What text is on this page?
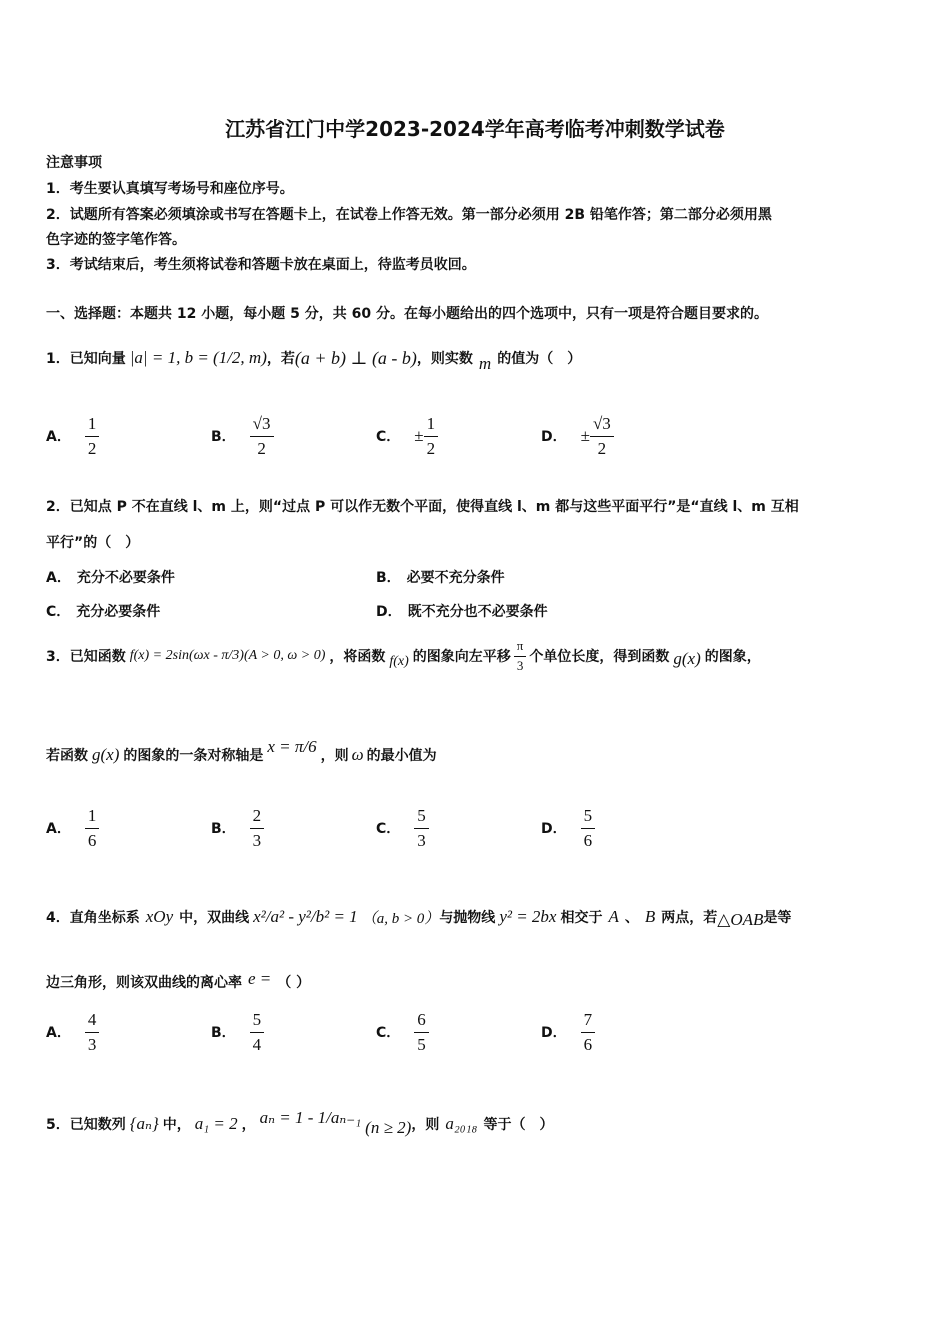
江苏省江门中学2023-2024学年高考临考冲刺数学试卷
注意事项
1．考生要认真填写考场号和座位序号。
2．试题所有答案必须填涂或书写在答题卡上，在试卷上作答无效。第一部分必须用 2B 铅笔作答；第二部分必须用黑
色字迹的签字笔作答。
3．考试结束后，考生须将试卷和答题卡放在桌面上，待监考员收回。
一、选择题：本题共 12 小题，每小题 5 分，共 60 分。在每小题给出的四个选项中，只有一项是符合题目要求的。
1．已知向量 |a| = 1, b = (1/2, m) ，若 (a + b) ⊥ (a - b) ，则实数 m 的值为（　）
A． $\frac{1}{2}$	B． $\frac{√3}{2}$	C． ± $\frac{1}{2}$	D． ± $\frac{√3}{2}$
2．已知点 P 不在直线 l、m 上，则“过点 P 可以作无数个平面，使得直线 l、m 都与这些平面平行”是“直线 l、m 互相
平行”的（　）
A． 充分不必要条件	B． 必要不充分条件
C． 充分必要条件	D． 既不充分也不必要条件
3．已知函数 f(x) = 2sin(ωx - π/3)(A > 0, ω > 0) ，将函数 f(x) 的图象向左平移 $\frac{\pi}{3}$ 个单位长度，得到函数 g(x) 的图象，
若函数 g(x) 的图象的一条对称轴是 x = π/6 ，则 ω 的最小值为
A． $\frac{1}{6}$	B． $\frac{2}{3}$	C． $\frac{5}{3}$	D． $\frac{5}{6}$
4．直角坐标系 xOy 中，双曲线 x²/a² - y²/b² = 1 （a, b > 0） 与抛物线 y² = 2bx 相交于 A 、 B 两点，若 △OAB 是等
边三角形，则该双曲线的离心率 e = （ ）
A． $\frac{4}{3}$	B． $\frac{5}{4}$	C． $\frac{6}{5}$	D． $\frac{7}{6}$
5．已知数列 {aₙ} 中， a₁ = 2 ， aₙ = 1 - 1/aₙ₋₁
(n ≥ 2) ，则 a₂₀₁₈ 等于（　）
